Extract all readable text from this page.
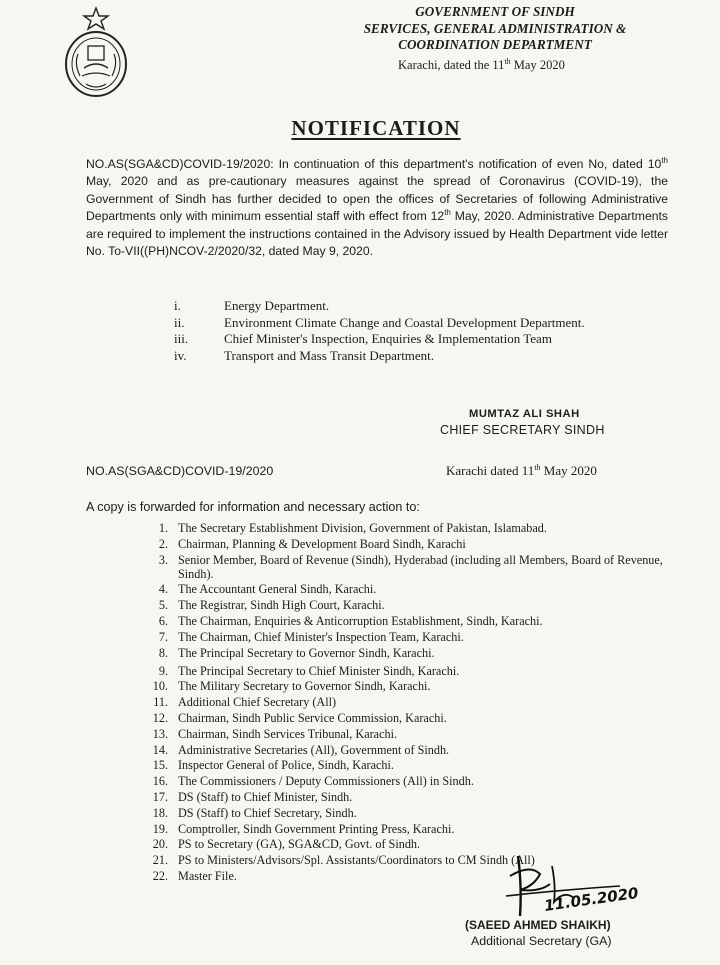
GOVERNMENT OF SINDH
SERVICES, GENERAL ADMINISTRATION &
COORDINATION DEPARTMENT
Karachi, dated the 11th May 2020
NOTIFICATION
NO.AS(SGA&CD)COVID-19/2020: In continuation of this department's notification of even No, dated 10th May, 2020 and as pre-cautionary measures against the spread of Coronavirus (COVID-19), the Government of Sindh has further decided to open the offices of Secretaries of following Administrative Departments only with minimum essential staff with effect from 12th May, 2020. Administrative Departments are required to implement the instructions contained in the Advisory issued by Health Department vide letter No. To-VII((PH)NCOV-2/2020/32, dated May 9, 2020.
i.	Energy Department.
ii.	Environment Climate Change and Coastal Development Department.
iii.	Chief Minister's Inspection, Enquiries & Implementation Team
iv.	Transport and Mass Transit Department.
MUMTAZ ALI SHAH
CHIEF SECRETARY SINDH
NO.AS(SGA&CD)COVID-19/2020	Karachi dated 11th May 2020
A copy is forwarded for information and necessary action to:
1. The Secretary Establishment Division, Government of Pakistan, Islamabad.
2. Chairman, Planning & Development Board Sindh, Karachi
3. Senior Member, Board of Revenue (Sindh), Hyderabad (including all Members, Board of Revenue, Sindh).
4. The Accountant General Sindh, Karachi.
5. The Registrar, Sindh High Court, Karachi.
6. The Chairman, Enquiries & Anticorruption Establishment, Sindh, Karachi.
7. The Chairman, Chief Minister's Inspection Team, Karachi.
8. The Principal Secretary to Governor Sindh, Karachi.
9. The Principal Secretary to Chief Minister Sindh, Karachi.
10. The Military Secretary to Governor Sindh, Karachi.
11. Additional Chief Secretary (All)
12. Chairman, Sindh Public Service Commission, Karachi.
13. Chairman, Sindh Services Tribunal, Karachi.
14. Administrative Secretaries (All), Government of Sindh.
15. Inspector General of Police, Sindh, Karachi.
16. The Commissioners / Deputy Commissioners (All) in Sindh.
17. DS (Staff) to Chief Minister, Sindh.
18. DS (Staff) to Chief Secretary, Sindh.
19. Comptroller, Sindh Government Printing Press, Karachi.
20. PS to Secretary (GA), SGA&CD, Govt. of Sindh.
21. PS to Ministers/Advisors/Spl. Assistants/Coordinators to CM Sindh (All)
22. Master File.
11.05.2020
(SAEED AHMED SHAIKH)
Additional Secretary (GA)
